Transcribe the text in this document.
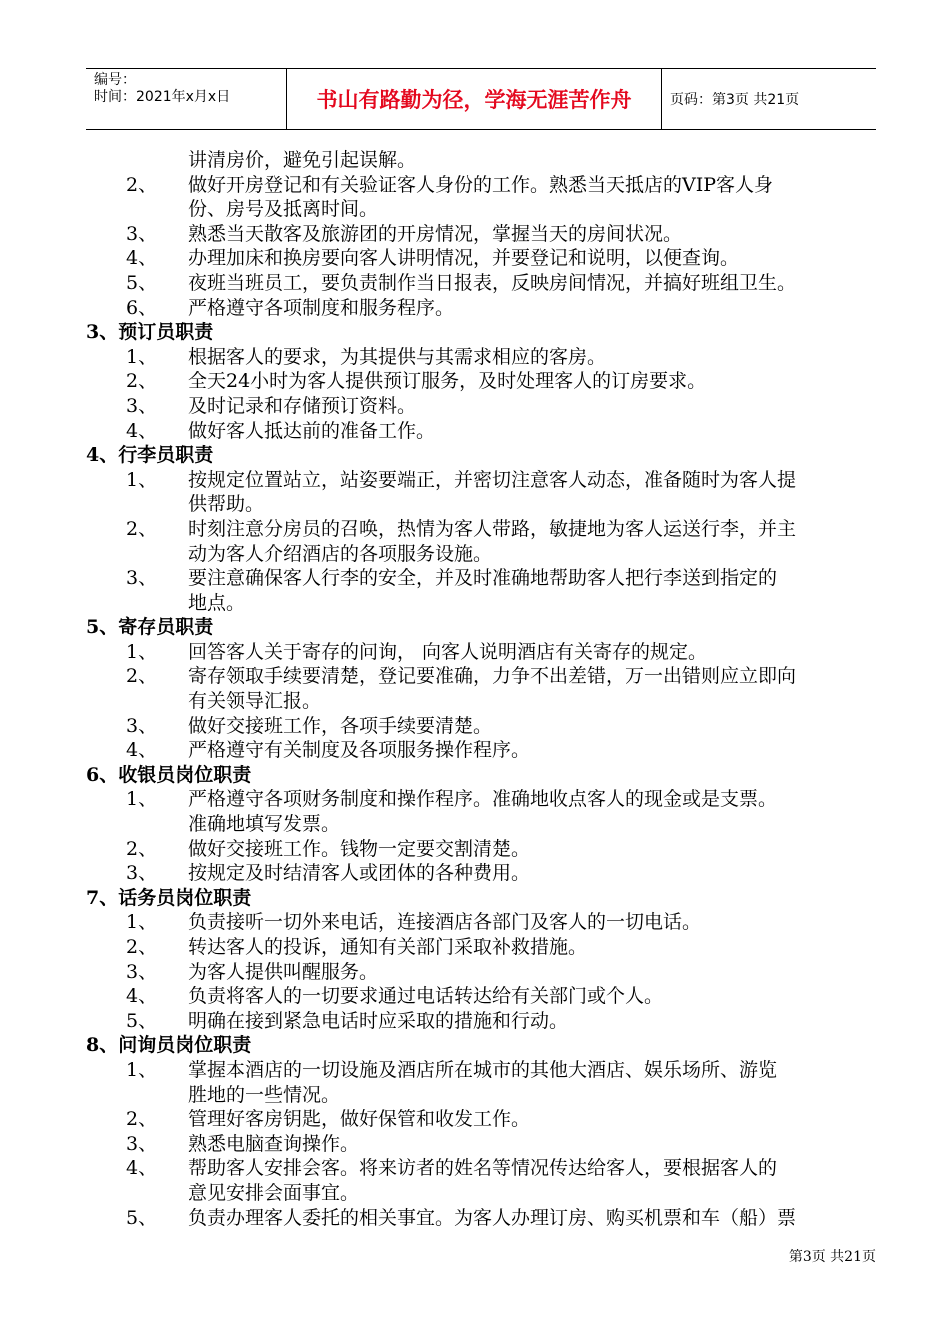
编号：
时间：2021年x月x日	书山有路勤为径，学海无涯苦作舟	页码：第3页 共21页
讲清房价，避免引起误解。
2、 做好开房登记和有关验证客人身份的工作。熟悉当天抵店的VIP客人身
份、房号及抵离时间。
3、 熟悉当天散客及旅游团的开房情况，掌握当天的房间状况。
4、 办理加床和换房要向客人讲明情况，并要登记和说明，以便查询。
5、 夜班当班员工，要负责制作当日报表，反映房间情况，并搞好班组卫生。
6、 严格遵守各项制度和服务程序。
3、预订员职责
1、 根据客人的要求，为其提供与其需求相应的客房。
2、 全天24小时为客人提供预订服务，及时处理客人的订房要求。
3、 及时记录和存储预订资料。
4、 做好客人抵达前的准备工作。
4、行李员职责
1、 按规定位置站立，站姿要端正，并密切注意客人动态，准备随时为客人提
供帮助。
2、 时刻注意分房员的召唤，热情为客人带路，敏捷地为客人运送行李，并主
动为客人介绍酒店的各项服务设施。
3、 要注意确保客人行李的安全，并及时准确地帮助客人把行李送到指定的
地点。
5、寄存员职责
1、 回答客人关于寄存的问询， 向客人说明酒店有关寄存的规定。
2、 寄存领取手续要清楚，登记要准确，力争不出差错，万一出错则应立即向
有关领导汇报。
3、 做好交接班工作，各项手续要清楚。
4、 严格遵守有关制度及各项服务操作程序。
6、收银员岗位职责
1、 严格遵守各项财务制度和操作程序。准确地收点客人的现金或是支票。
准确地填写发票。
2、 做好交接班工作。钱物一定要交割清楚。
3、 按规定及时结清客人或团体的各种费用。
7、话务员岗位职责
1、 负责接听一切外来电话，连接酒店各部门及客人的一切电话。
2、 转达客人的投诉，通知有关部门采取补救措施。
3、 为客人提供叫醒服务。
4、 负责将客人的一切要求通过电话转达给有关部门或个人。
5、 明确在接到紧急电话时应采取的措施和行动。
8、问询员岗位职责
1、 掌握本酒店的一切设施及酒店所在城市的其他大酒店、娱乐场所、游览
胜地的一些情况。
2、 管理好客房钥匙，做好保管和收发工作。
3、 熟悉电脑查询操作。
4、 帮助客人安排会客。将来访者的姓名等情况传达给客人，要根据客人的
意见安排会面事宜。
5、 负责办理客人委托的相关事宜。为客人办理订房、购买机票和车（船）票
第3页 共21页
